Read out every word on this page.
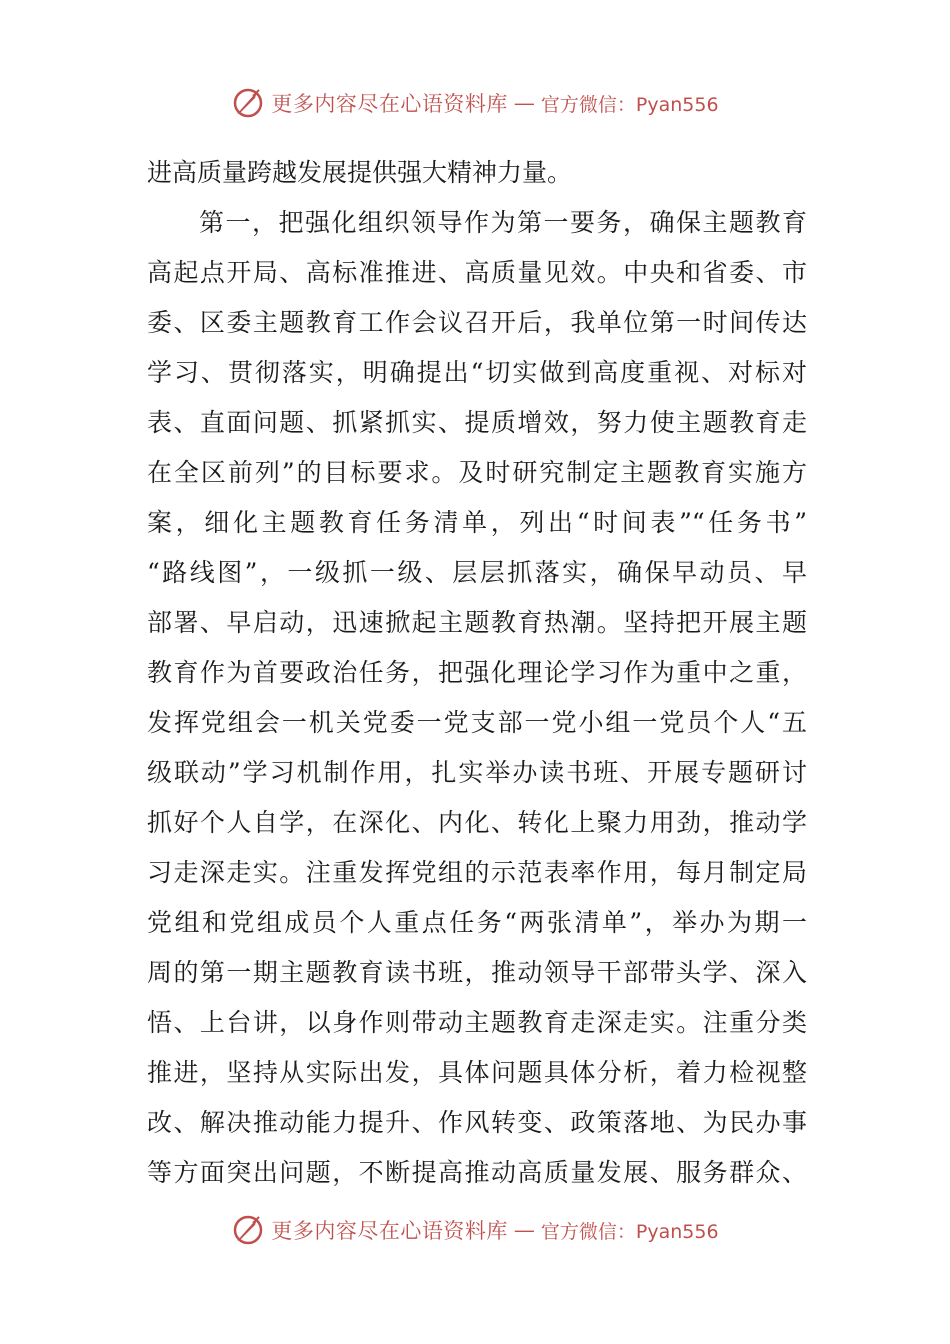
更多内容尽在心语资料库 — 官方微信：Pyan556
进高质量跨越发展提供强大精神力量。
第一，把强化组织领导作为第一要务，确保主题教育
高起点开局、高标准推进、高质量见效。中央和省委、市
委、区委主题教育工作会议召开后，我单位第一时间传达
学习、贯彻落实，明确提出“切实做到高度重视、对标对
表、直面问题、抓紧抓实、提质增效，努力使主题教育走
在全区前列”的目标要求。及时研究制定主题教育实施方
案，细化主题教育任务清单，列出“时间表”“任务书”
“路线图”，一级抓一级、层层抓落实，确保早动员、早
部署、早启动，迅速掀起主题教育热潮。坚持把开展主题
教育作为首要政治任务，把强化理论学习作为重中之重，
发挥党组会一机关党委一党支部一党小组一党员个人“五
级联动”学习机制作用，扎实举办读书班、开展专题研讨
抓好个人自学，在深化、内化、转化上聚力用劲，推动学
习走深走实。注重发挥党组的示范表率作用，每月制定局
党组和党组成员个人重点任务“两张清单”，举办为期一
周的第一期主题教育读书班，推动领导干部带头学、深入
悟、上台讲，以身作则带动主题教育走深走实。注重分类
推进，坚持从实际出发，具体问题具体分析，着力检视整
改、解决推动能力提升、作风转变、政策落地、为民办事
等方面突出问题，不断提高推动高质量发展、服务群众、
更多内容尽在心语资料库 — 官方微信：Pyan556
